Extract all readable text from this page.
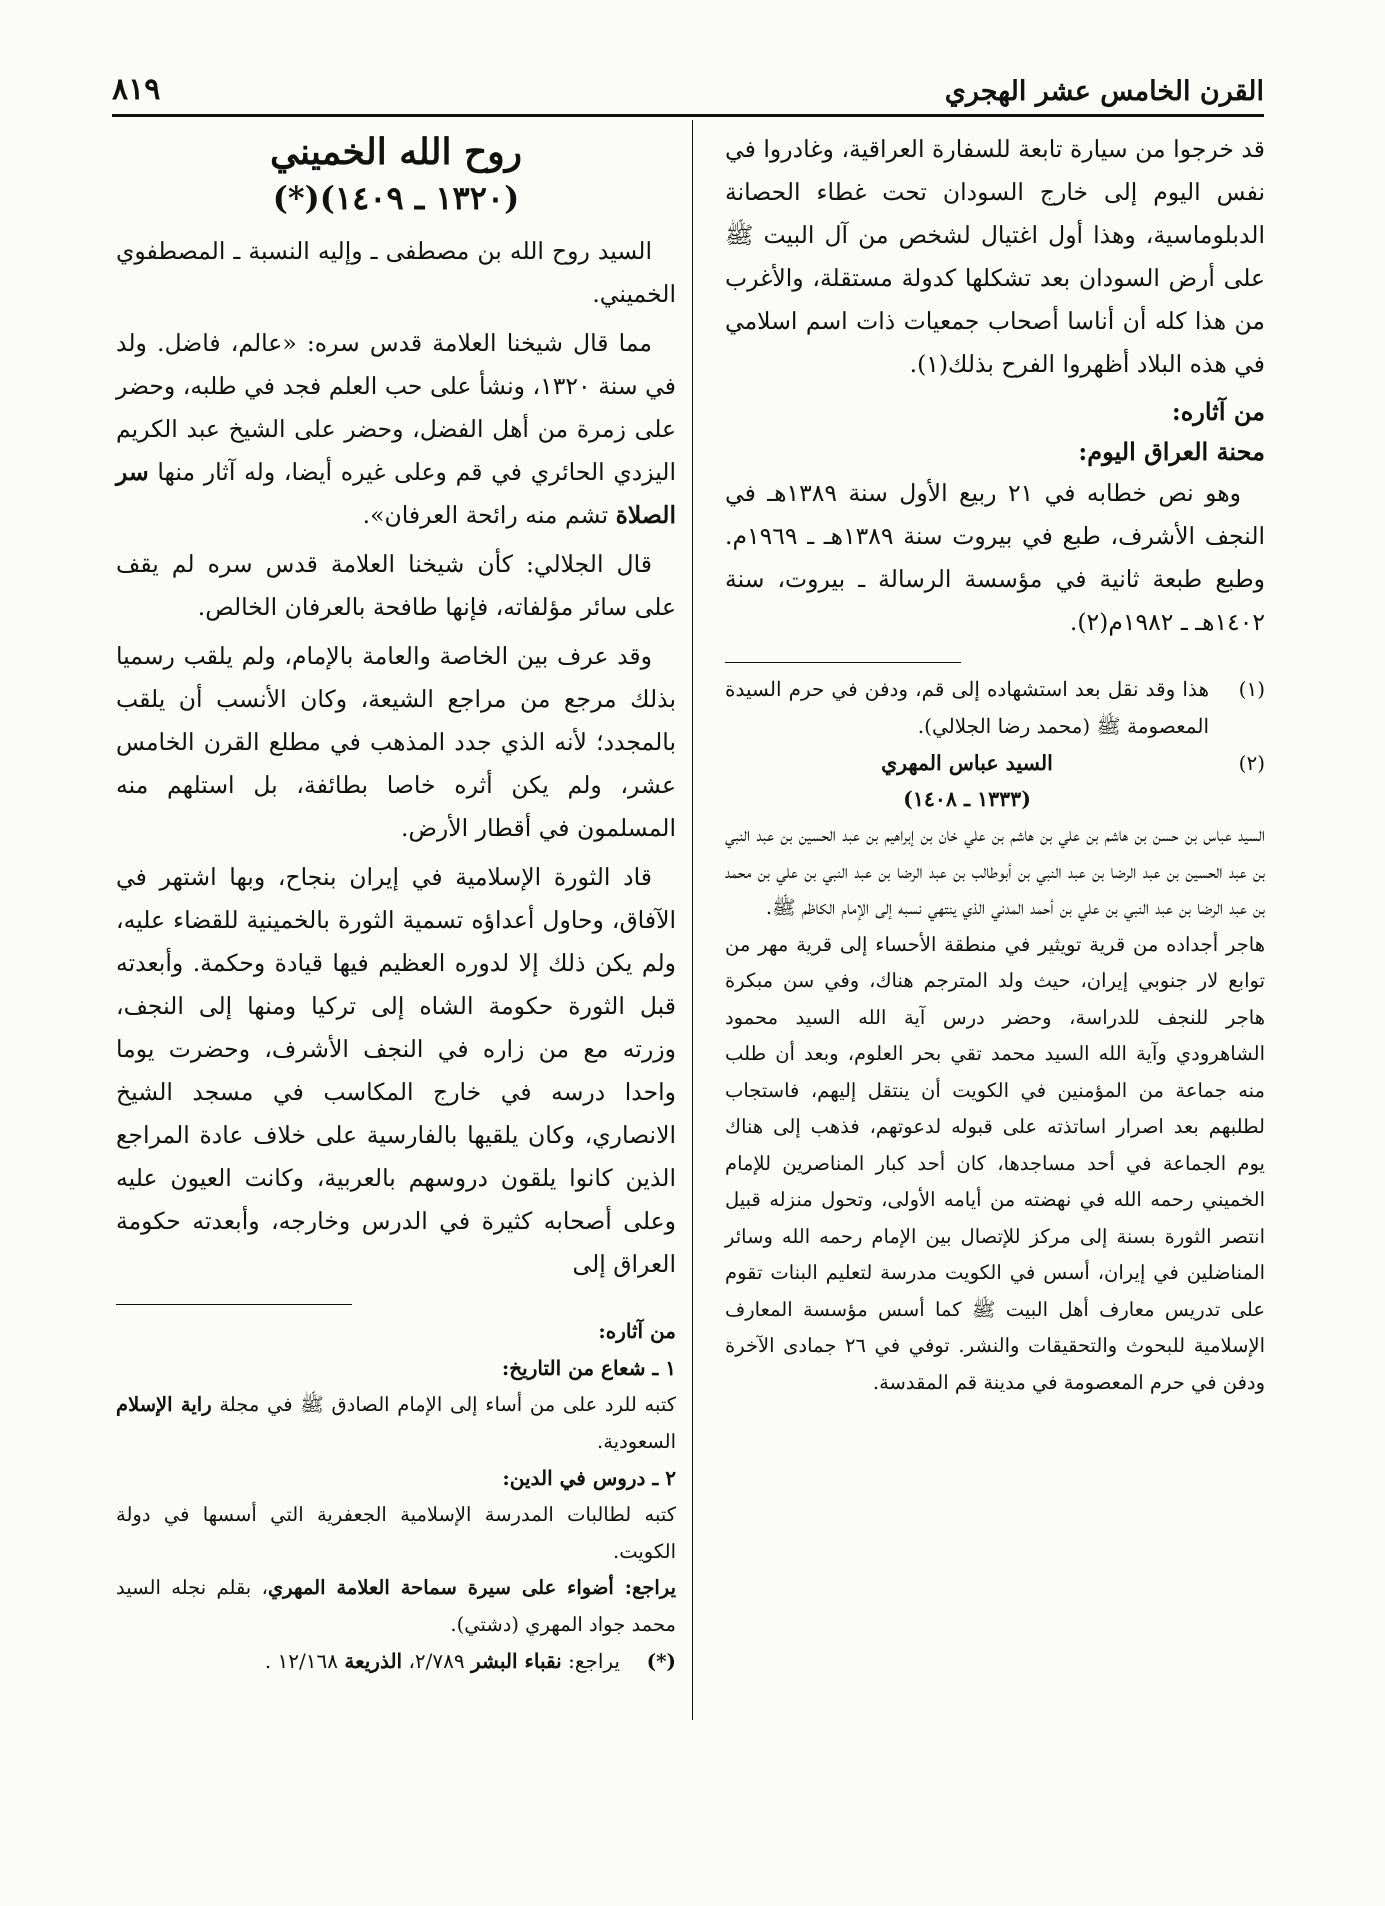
القرن الخامس عشر الهجري
٨١٩

قد خرجوا من سيارة تابعة للسفارة العراقية، وغادروا في نفس اليوم إلى خارج السودان تحت غطاء الحصانة الدبلوماسية، وهذا أول اغتيال لشخص من آل البيت ﷺ على أرض السودان بعد تشكلها كدولة مستقلة، والأغرب من هذا كله أن أناسا أصحاب جمعيات ذات اسم اسلامي في هذه البلاد أظهروا الفرح بذلك(١).

من آثاره:

محنة العراق اليوم:

وهو نص خطابه في ٢١ ربيع الأول سنة ١٣٨٩هـ في النجف الأشرف، طبع في بيروت سنة ١٣٨٩هـ ـ ١٩٦٩م. وطبع طبعة ثانية في مؤسسة الرسالة ـ بيروت، سنة ١٤٠٢هـ ـ ١٩٨٢م(٢).

(١)
هذا وقد نقل بعد استشهاده إلى قم، ودفن في حرم السيدة المعصومة ﷺ (محمد رضا الجلالي).
(٢)
السيد عباس المهري
(١٣٣٣ ـ ١٤٠٨)

السيد عباس بن حسن بن هاشم بن علي بن هاشم بن علي خان بن إبراهيم بن عبد الحسين بن عبد النبي بن عبد الحسين بن عبد الرضا بن عبد النبي بن أبوطالب بن عبد الرضا بن عبد النبي بن علي بن محمد بن عبد الرضا بن عبد النبي بن علي بن أحمد المدني الذي ينتهي نسبه إلى الإمام الكاظم ﷺ.

هاجر أجداده من قرية تويثير في منطقة الأحساء إلى قرية مهر من توابع لار جنوبي إيران، حيث ولد المترجم هناك، وفي سن مبكرة هاجر للنجف للدراسة، وحضر درس آية الله السيد محمود الشاهرودي وآية الله السيد محمد تقي بحر العلوم، وبعد أن طلب منه جماعة من المؤمنين في الكويت أن ينتقل إليهم، فاستجاب لطلبهم بعد اصرار اساتذته على قبوله لدعوتهم، فذهب إلى هناك يوم الجماعة في أحد مساجدها، كان أحد كبار المناصرين للإمام الخميني رحمه الله في نهضته من أيامه الأولى، وتحول منزله قبيل انتصر الثورة بسنة إلى مركز للإتصال بين الإمام رحمه الله وسائر المناضلين في إيران، أسس في الكويت مدرسة لتعليم البنات تقوم على تدريس معارف أهل البيت ﷺ كما أسس مؤسسة المعارف الإسلامية للبحوث والتحقيقات والنشر. توفي في ٢٦ جمادى الآخرة ودفن في حرم المعصومة في مدينة قم المقدسة.

روح الله الخميني
(١٣٢٠ ـ ١٤٠٩)(*)

السيد روح الله بن مصطفى ـ وإليه النسبة ـ المصطفوي الخميني.

مما قال شيخنا العلامة قدس سره: «عالم، فاضل. ولد في سنة ١٣٢٠، ونشأ على حب العلم فجد في طلبه، وحضر على زمرة من أهل الفضل، وحضر على الشيخ عبد الكريم اليزدي الحائري في قم وعلى غيره أيضا، وله آثار منها سر الصلاة تشم منه رائحة العرفان».

قال الجلالي: كأن شيخنا العلامة قدس سره لم يقف على سائر مؤلفاته، فإنها طافحة بالعرفان الخالص.

وقد عرف بين الخاصة والعامة بالإمام، ولم يلقب رسميا بذلك مرجع من مراجع الشيعة، وكان الأنسب أن يلقب بالمجدد؛ لأنه الذي جدد المذهب في مطلع القرن الخامس عشر، ولم يكن أثره خاصا بطائفة، بل استلهم منه المسلمون في أقطار الأرض.

قاد الثورة الإسلامية في إيران بنجاح، وبها اشتهر في الآفاق، وحاول أعداؤه تسمية الثورة بالخمينية للقضاء عليه، ولم يكن ذلك إلا لدوره العظيم فيها قيادة وحكمة. وأبعدته قبل الثورة حكومة الشاه إلى تركيا ومنها إلى النجف، وزرته مع من زاره في النجف الأشرف، وحضرت يوما واحدا درسه في خارج المكاسب في مسجد الشيخ الانصاري، وكان يلقيها بالفارسية على خلاف عادة المراجع الذين كانوا يلقون دروسهم بالعربية، وكانت العيون عليه وعلى أصحابه كثيرة في الدرس وخارجه، وأبعدته حكومة العراق إلى

من آثاره:

١ ـ شعاع من التاريخ:

كتبه للرد على من أساء إلى الإمام الصادق ﷺ في مجلة راية الإسلام السعودية.

٢ ـ دروس في الدين:

كتبه لطالبات المدرسة الإسلامية الجعفرية التي أسسها في دولة الكويت.

يراجع: أضواء على سيرة سماحة العلامة المهري، بقلم نجله السيد محمد جواد المهري (دشتي).

(*)
يراجع: نقباء البشر ٢/٧٨٩، الذريعة ١٢/١٦٨ .
